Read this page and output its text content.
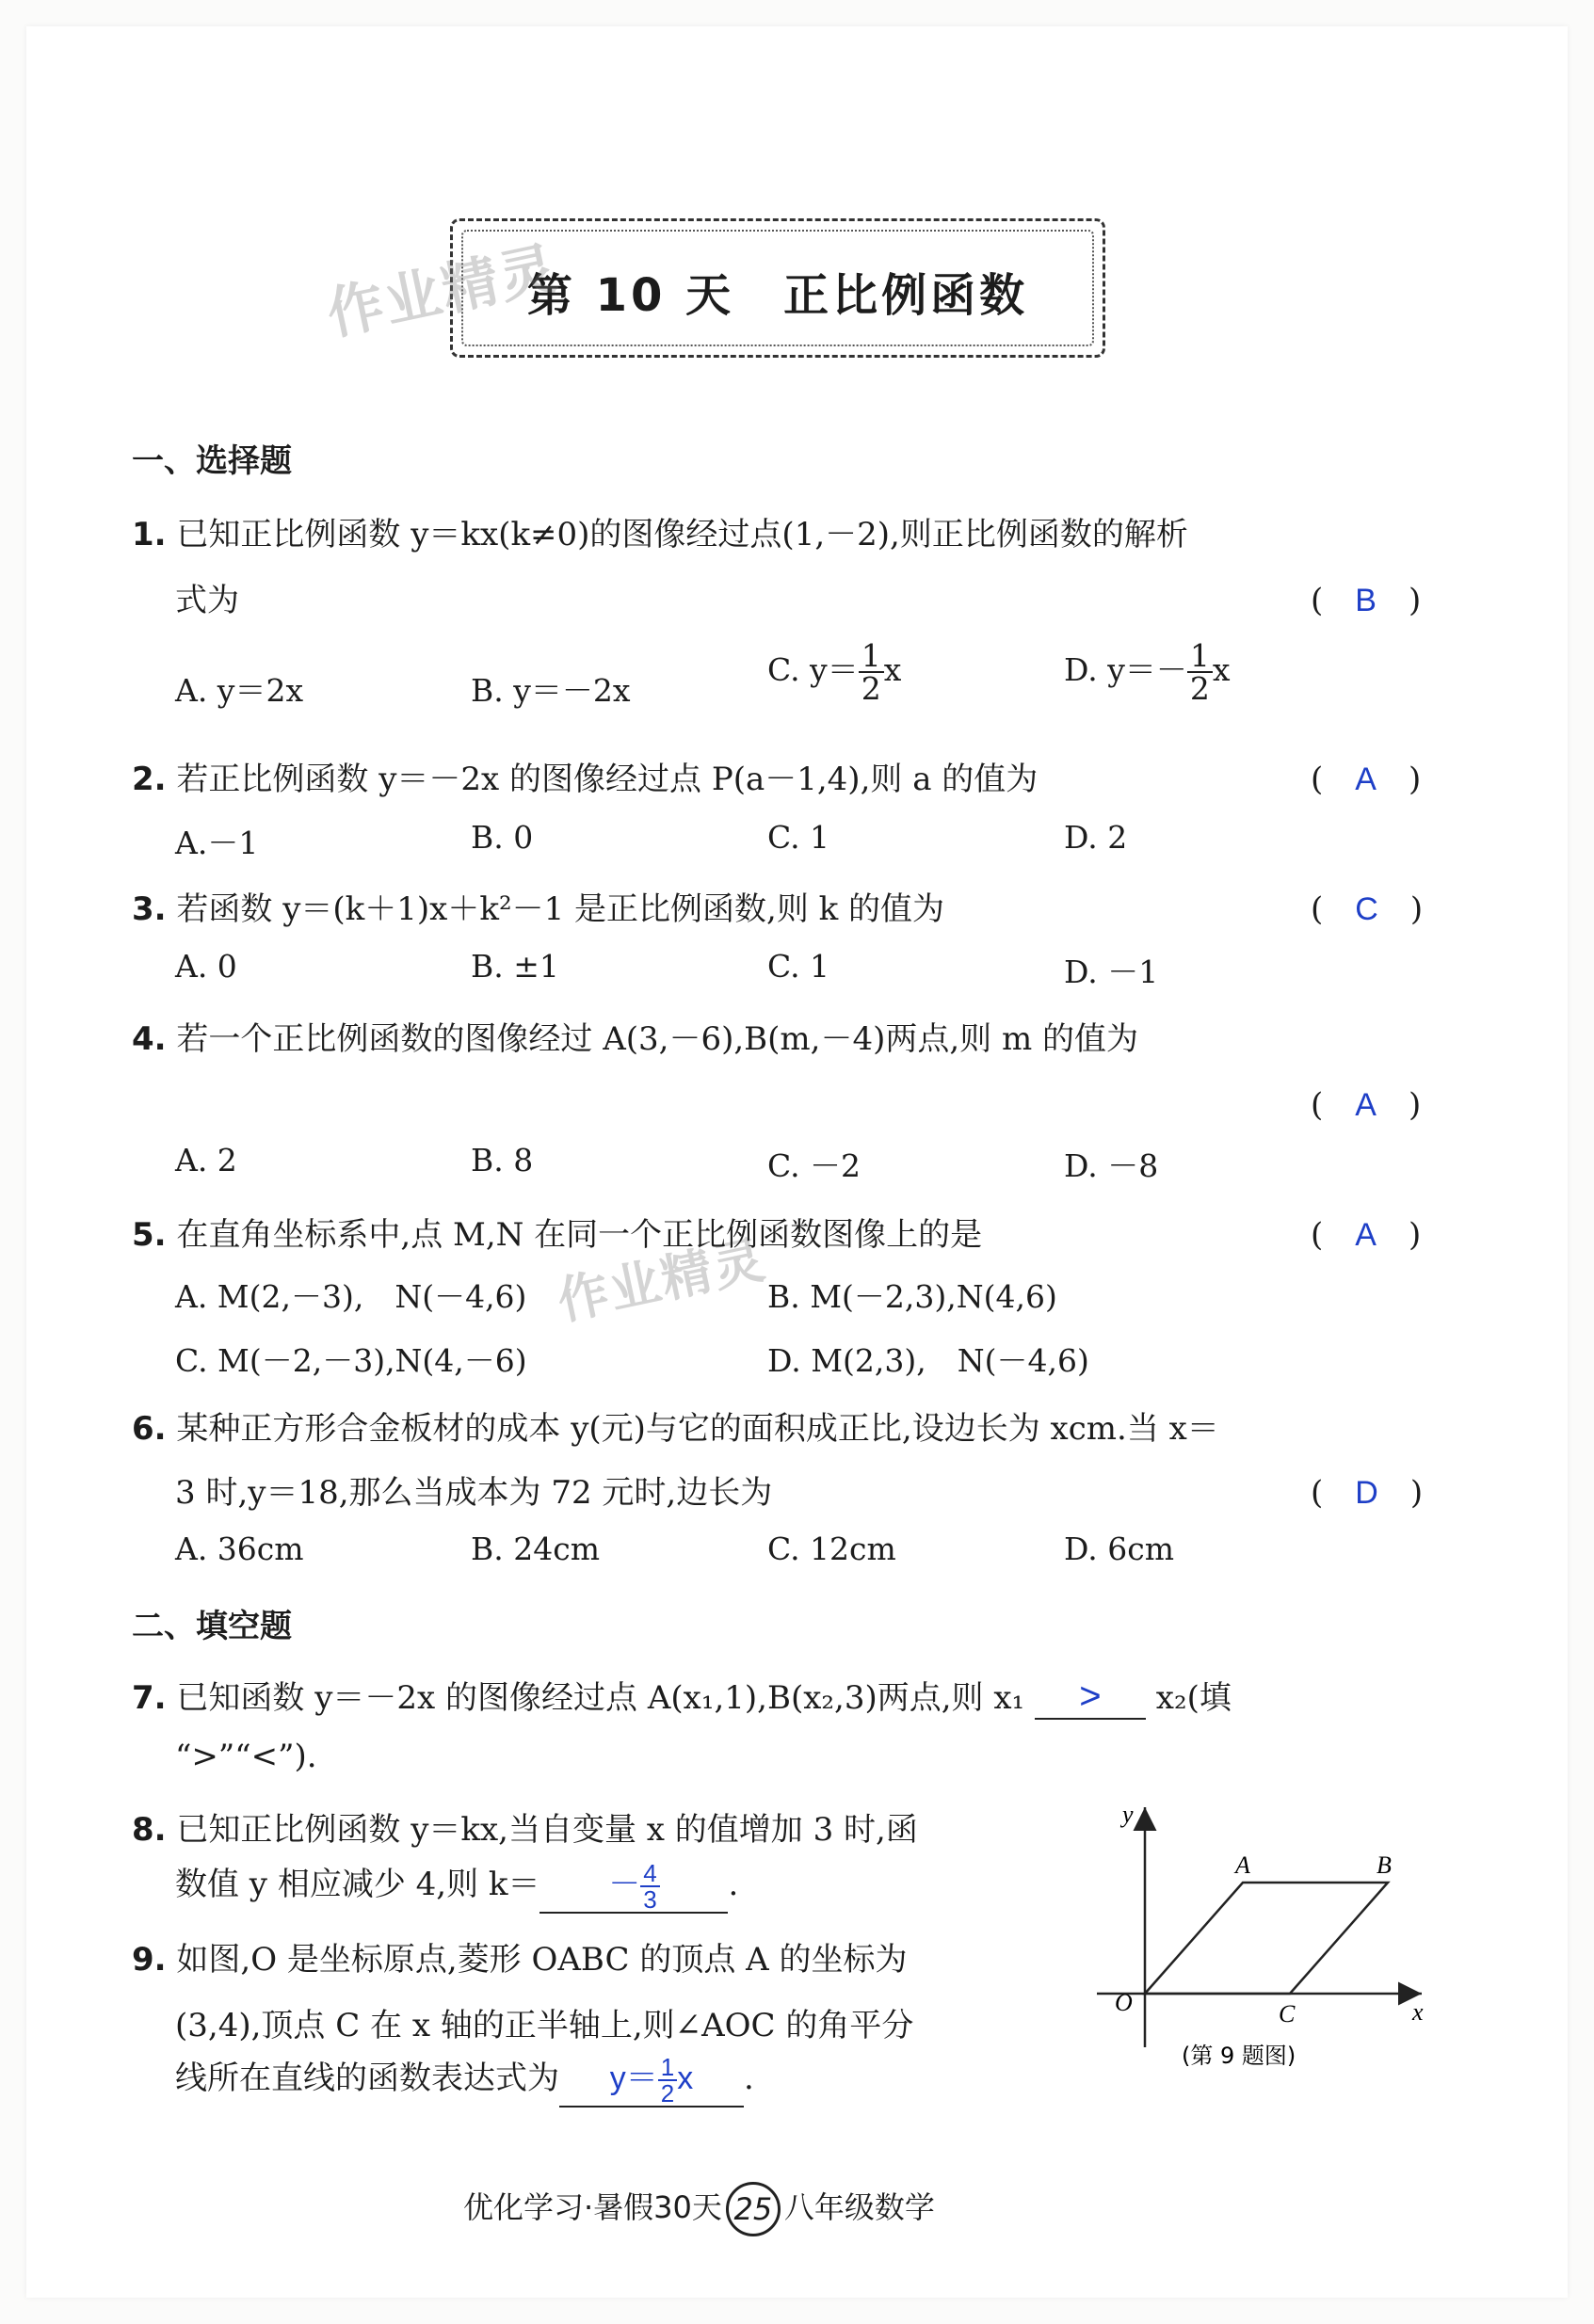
第 10 天　正比例函数
作业精灵
作业精灵
一、选择题
1. 已知正比例函数 y＝kx(k≠0)的图像经过点(1,－2),则正比例函数的解析
式为	(　B　)
A. y＝2x	B. y＝－2x
C. $y= \frac{1}{2}$ x	D. $y=- \frac{1}{2}$ x
2. 若正比例函数 y＝－2x 的图像经过点 P(a－1,4),则 a 的值为	(　A　)
A.－1	B. 0	C. 1	D. 2
3. 若函数 y＝(k＋1)x＋k²－1 是正比例函数,则 k 的值为	(　C　)
A. 0	B. ±1	C. 1	D. －1
4. 若一个正比例函数的图像经过 A(3,－6),B(m,－4)两点,则 m 的值为
(　A　)
A. 2	B. 8	C. －2	D. －8
5. 在直角坐标系中,点 M,N 在同一个正比例函数图像上的是	(　A　)
A. M(2,－3),　N(－4,6)	B. M(－2,3),N(4,6)
C. M(－2,－3),N(4,－6)	D. M(2,3),　N(－4,6)
6. 某种正方形合金板材的成本 y(元)与它的面积成正比,设边长为 xcm.当 x＝
3 时,y＝18,那么当成本为 72 元时,边长为	(　D　)
A. 36cm	B. 24cm	C. 12cm	D. 6cm
二、填空题
7. 已知函数 y＝－2x 的图像经过点 A(x₁,1),B(x₂,3)两点,则 x₁ > x₂(填
“>”“<”).
8. 已知正比例函数 y＝kx,当自变量 x 的值增加 3 时,函
数值 y 相应减少 4,则 $k= - \frac{4}{3}$ .
9. 如图,O 是坐标原点,菱形 OABC 的顶点 A 的坐标为
(3,4),顶点 C 在 x 轴的正半轴上,则∠AOC 的角平分
线所在直线的函数表达式为 $y= \frac{1}{2}$ x .
y
x
O
A	B
C
(第 9 题图)
优化学习·暑假30天 25 八年级数学
